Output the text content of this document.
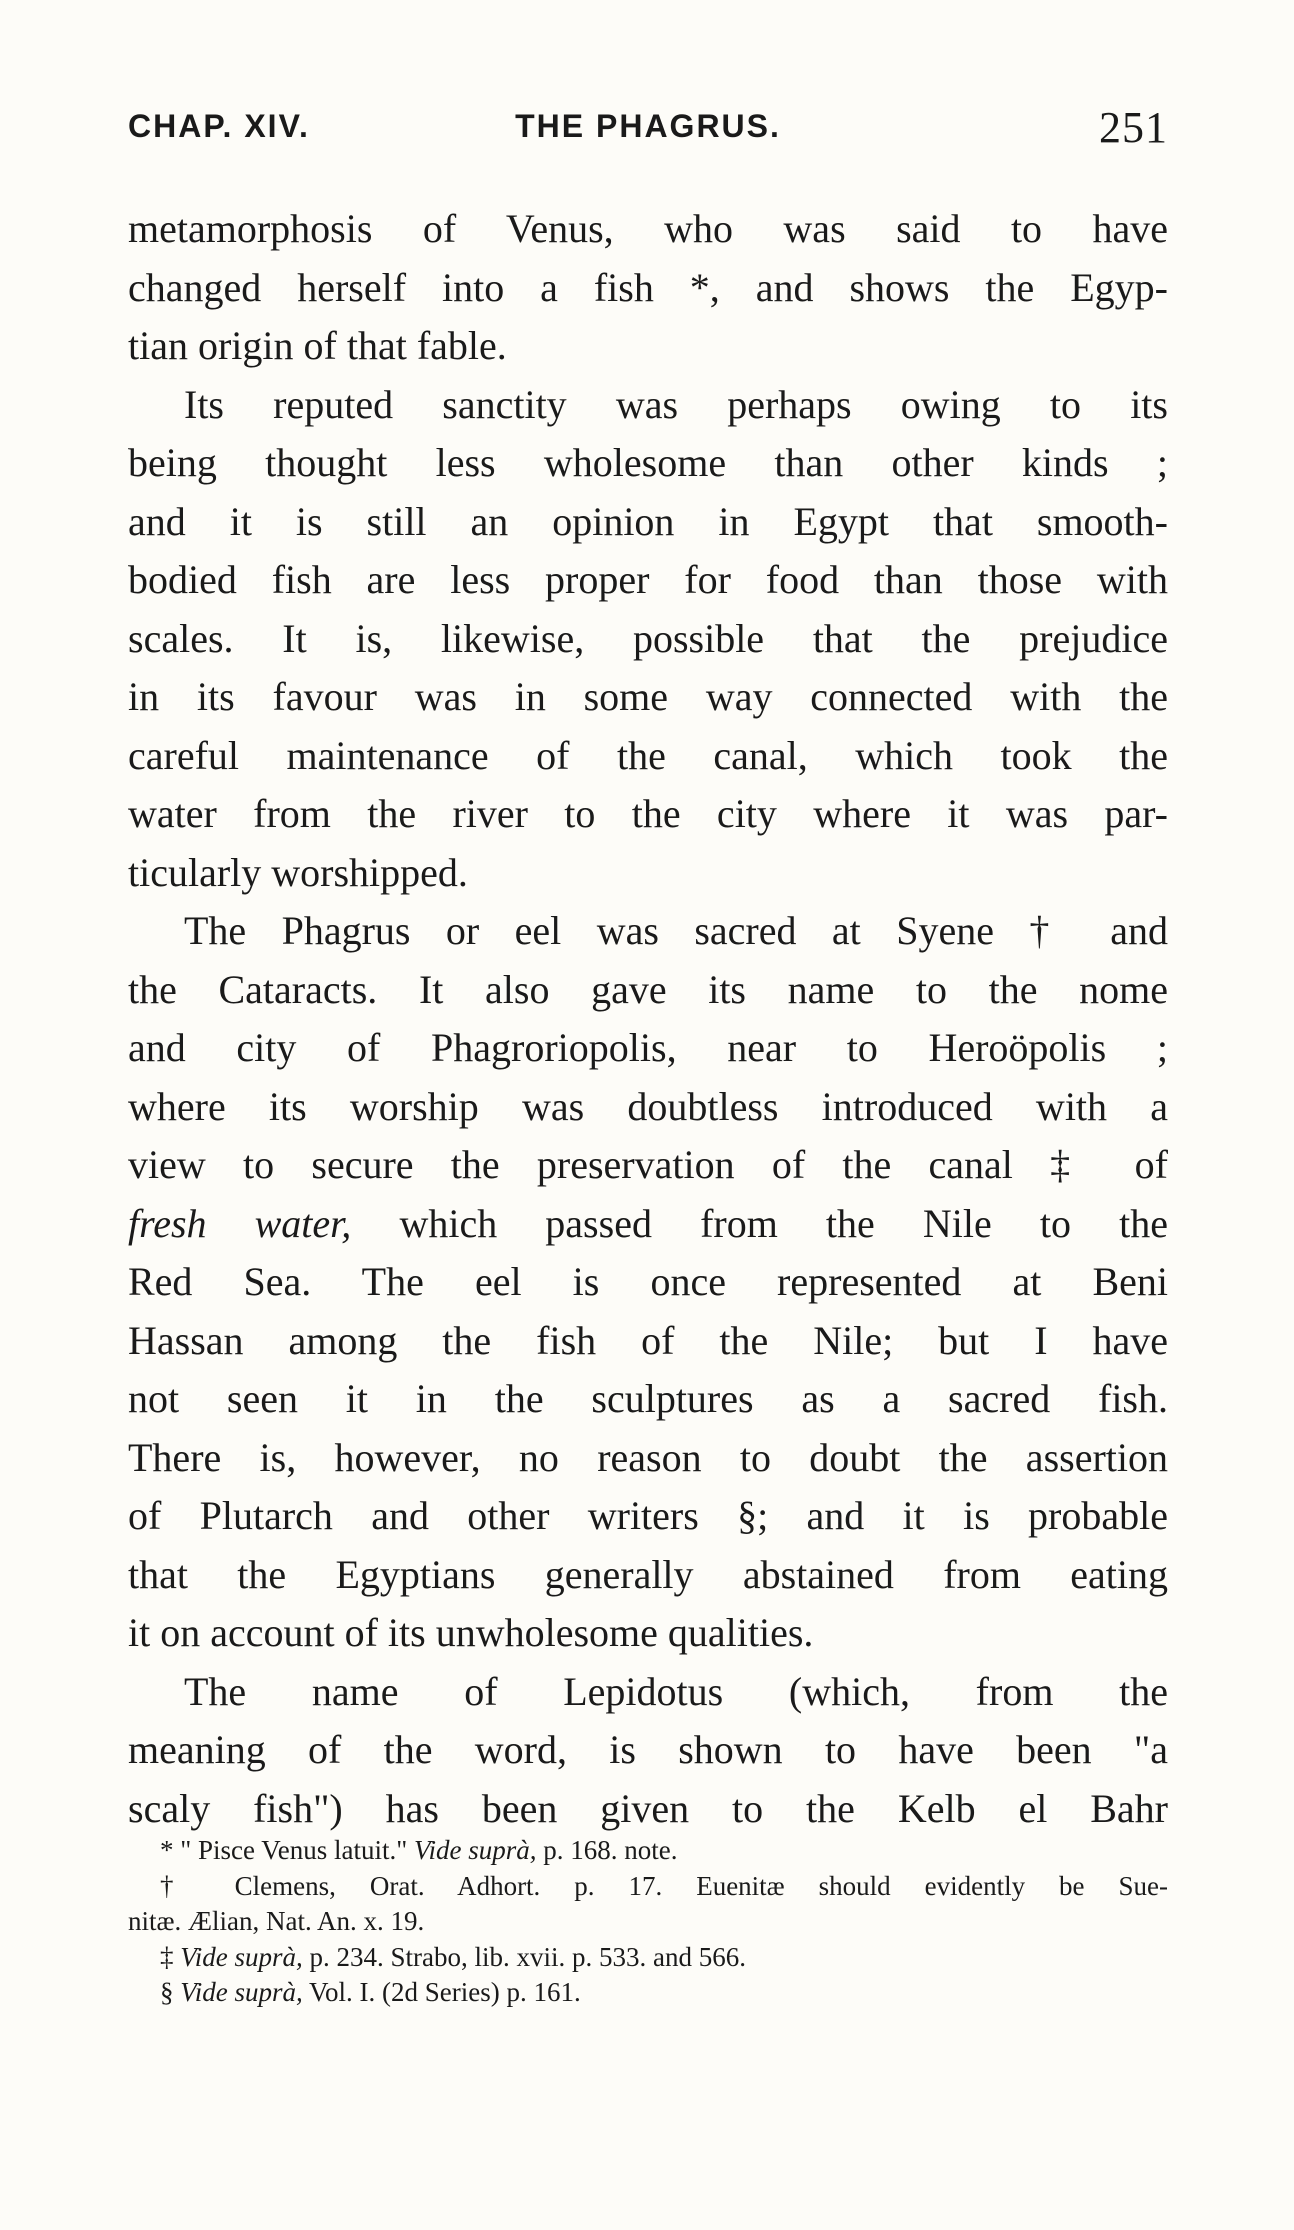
CHAP. XIV.	THE PHAGRUS.	251
metamorphosis of Venus, who was said to have
changed herself into a fish *, and shows the Egyp-
tian origin of that fable.
Its reputed sanctity was perhaps owing to its
being thought less wholesome than other kinds ;
and it is still an opinion in Egypt that smooth-
bodied fish are less proper for food than those with
scales. It is, likewise, possible that the prejudice
in its favour was in some way connected with the
careful maintenance of the canal, which took the
water from the river to the city where it was par-
ticularly worshipped.
The Phagrus or eel was sacred at Syene † and
the Cataracts. It also gave its name to the nome
and city of Phagroriopolis, near to Heroöpolis ;
where its worship was doubtless introduced with a
view to secure the preservation of the canal ‡ of
fresh water, which passed from the Nile to the
Red Sea. The eel is once represented at Beni
Hassan among the fish of the Nile; but I have
not seen it in the sculptures as a sacred fish.
There is, however, no reason to doubt the assertion
of Plutarch and other writers §; and it is probable
that the Egyptians generally abstained from eating
it on account of its unwholesome qualities.
The name of Lepidotus (which, from the
meaning of the word, is shown to have been "a
scaly fish") has been given to the Kelb el Bahr
* " Pisce Venus latuit." Vide suprà, p. 168. note.
† Clemens, Orat. Adhort. p. 17. Euenitæ should evidently be Sue-
nitæ. Ælian, Nat. An. x. 19.
‡ Vide suprà, p. 234. Strabo, lib. xvii. p. 533. and 566.
§ Vide suprà, Vol. I. (2d Series) p. 161.
